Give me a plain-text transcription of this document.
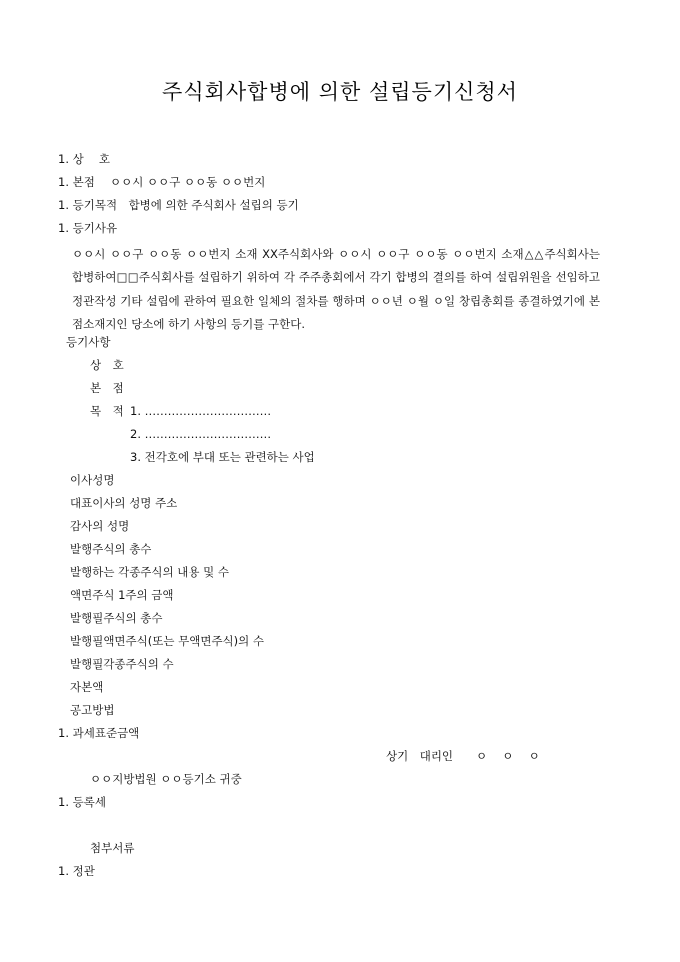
주식회사합병에 의한 설립등기신청서
1. 상　 호
1. 본점　 ㅇㅇ시 ㅇㅇ구 ㅇㅇ동 ㅇㅇ번지
1. 등기목적　합병에 의한 주식회사 설립의 등기
1. 등기사유
ㅇㅇ시 ㅇㅇ구 ㅇㅇ동 ㅇㅇ번지 소재 XX주식회사와 ㅇㅇ시 ㅇㅇ구 ㅇㅇ동 ㅇㅇ번지 소재△△주식회사는 합병하여□□주식회사를 설립하기 위하여 각 주주총회에서 각기 합병의 결의를 하여 설립위원을 선임하고 정관작성 기타 설립에 관하여 필요한 일체의 절차를 행하며 ㅇㅇ년 ㅇ월 ㅇ일 창립총회를 종결하였기에 본점소재지인 당소에 하기 사항의 등기를 구한다.
등기사항
상　호
본　점
목　적 1. ……………………………
2. ……………………………
3. 전각호에 부대 또는 관련하는 사업
이사성명
대표이사의 성명 주소
감사의 성명
발행주식의 총수
발행하는 각종주식의 내용 및 수
액면주식 1주의 금액
발행필주식의 총수
발행필액면주식(또는 무액면주식)의 수
발행필각종주식의 수
자본액
공고방법
1. 과세표준금액
상기　대리인　　ㅇ　 ㅇ　 ㅇ
ㅇㅇ지방법원 ㅇㅇ등기소 귀중
1. 등록세
첨부서류
1. 정관
